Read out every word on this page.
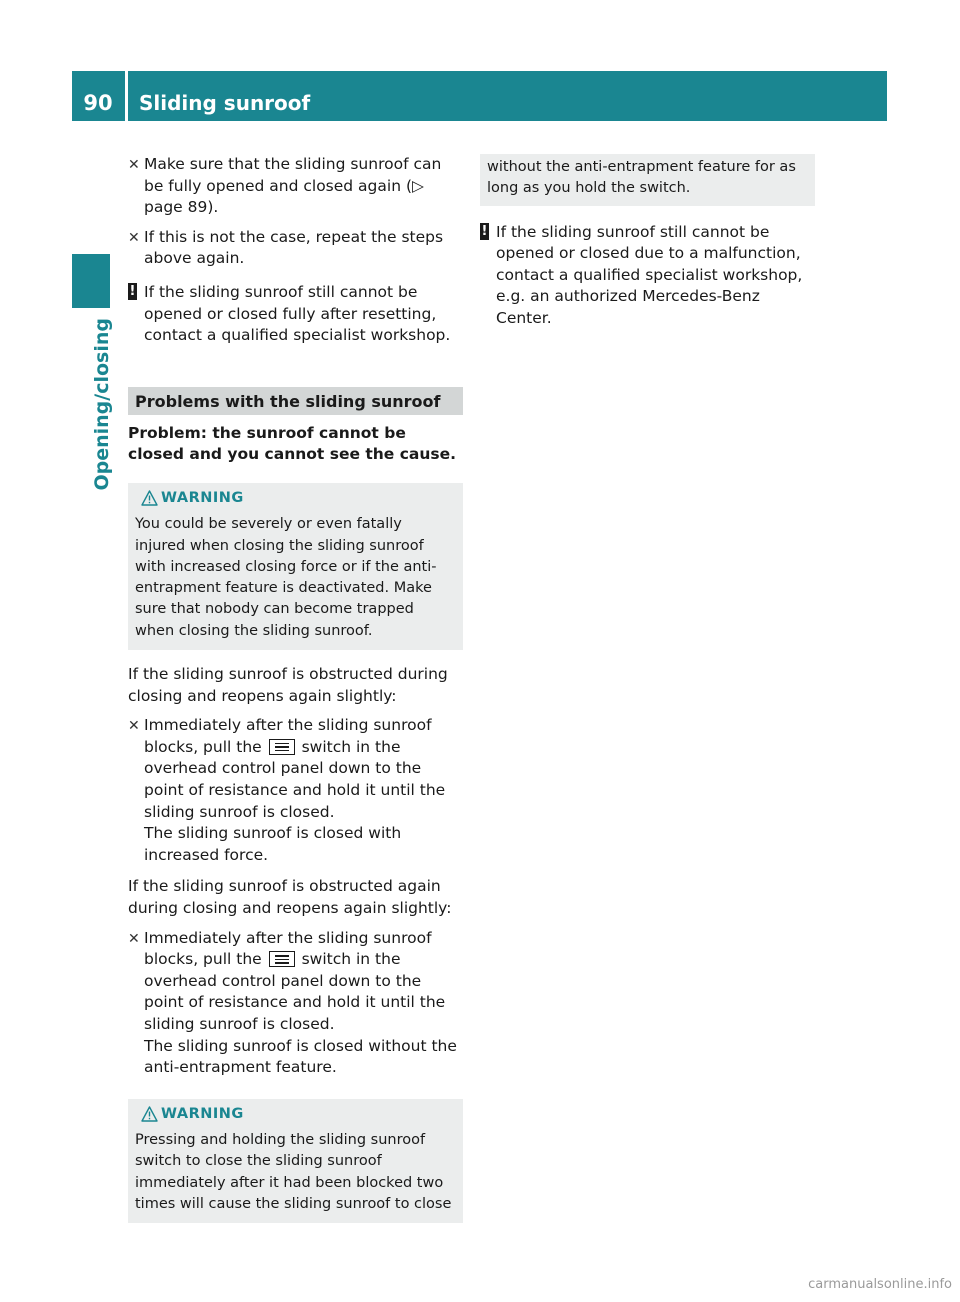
90	Sliding sunroof
Opening/closing
✕ Make sure that the sliding sunroof can be fully opened and closed again (▷ page 89).
✕ If this is not the case, repeat the steps above again.
! If the sliding sunroof still cannot be opened or closed fully after resetting, contact a qualified specialist workshop.
Problems with the sliding sunroof
Problem: the sunroof cannot be closed and you cannot see the cause.
WARNING
You could be severely or even fatally injured when closing the sliding sunroof with increased closing force or if the anti-entrapment feature is deactivated. Make sure that nobody can become trapped when closing the sliding sunroof.
If the sliding sunroof is obstructed during closing and reopens again slightly:
✕ Immediately after the sliding sunroof blocks, pull the	switch in the overhead control panel down to the point of resistance and hold it until the sliding sunroof is closed.
The sliding sunroof is closed with increased force.
If the sliding sunroof is obstructed again during closing and reopens again slightly:
✕ Immediately after the sliding sunroof blocks, pull the	switch in the overhead control panel down to the point of resistance and hold it until the sliding sunroof is closed.
The sliding sunroof is closed without the anti-entrapment feature.
WARNING
Pressing and holding the sliding sunroof switch to close the sliding sunroof immediately after it had been blocked two times will cause the sliding sunroof to close
without the anti-entrapment feature for as long as you hold the switch.
! If the sliding sunroof still cannot be opened or closed due to a malfunction, contact a qualified specialist workshop, e.g. an authorized Mercedes-Benz Center.
carmanualsonline.info
